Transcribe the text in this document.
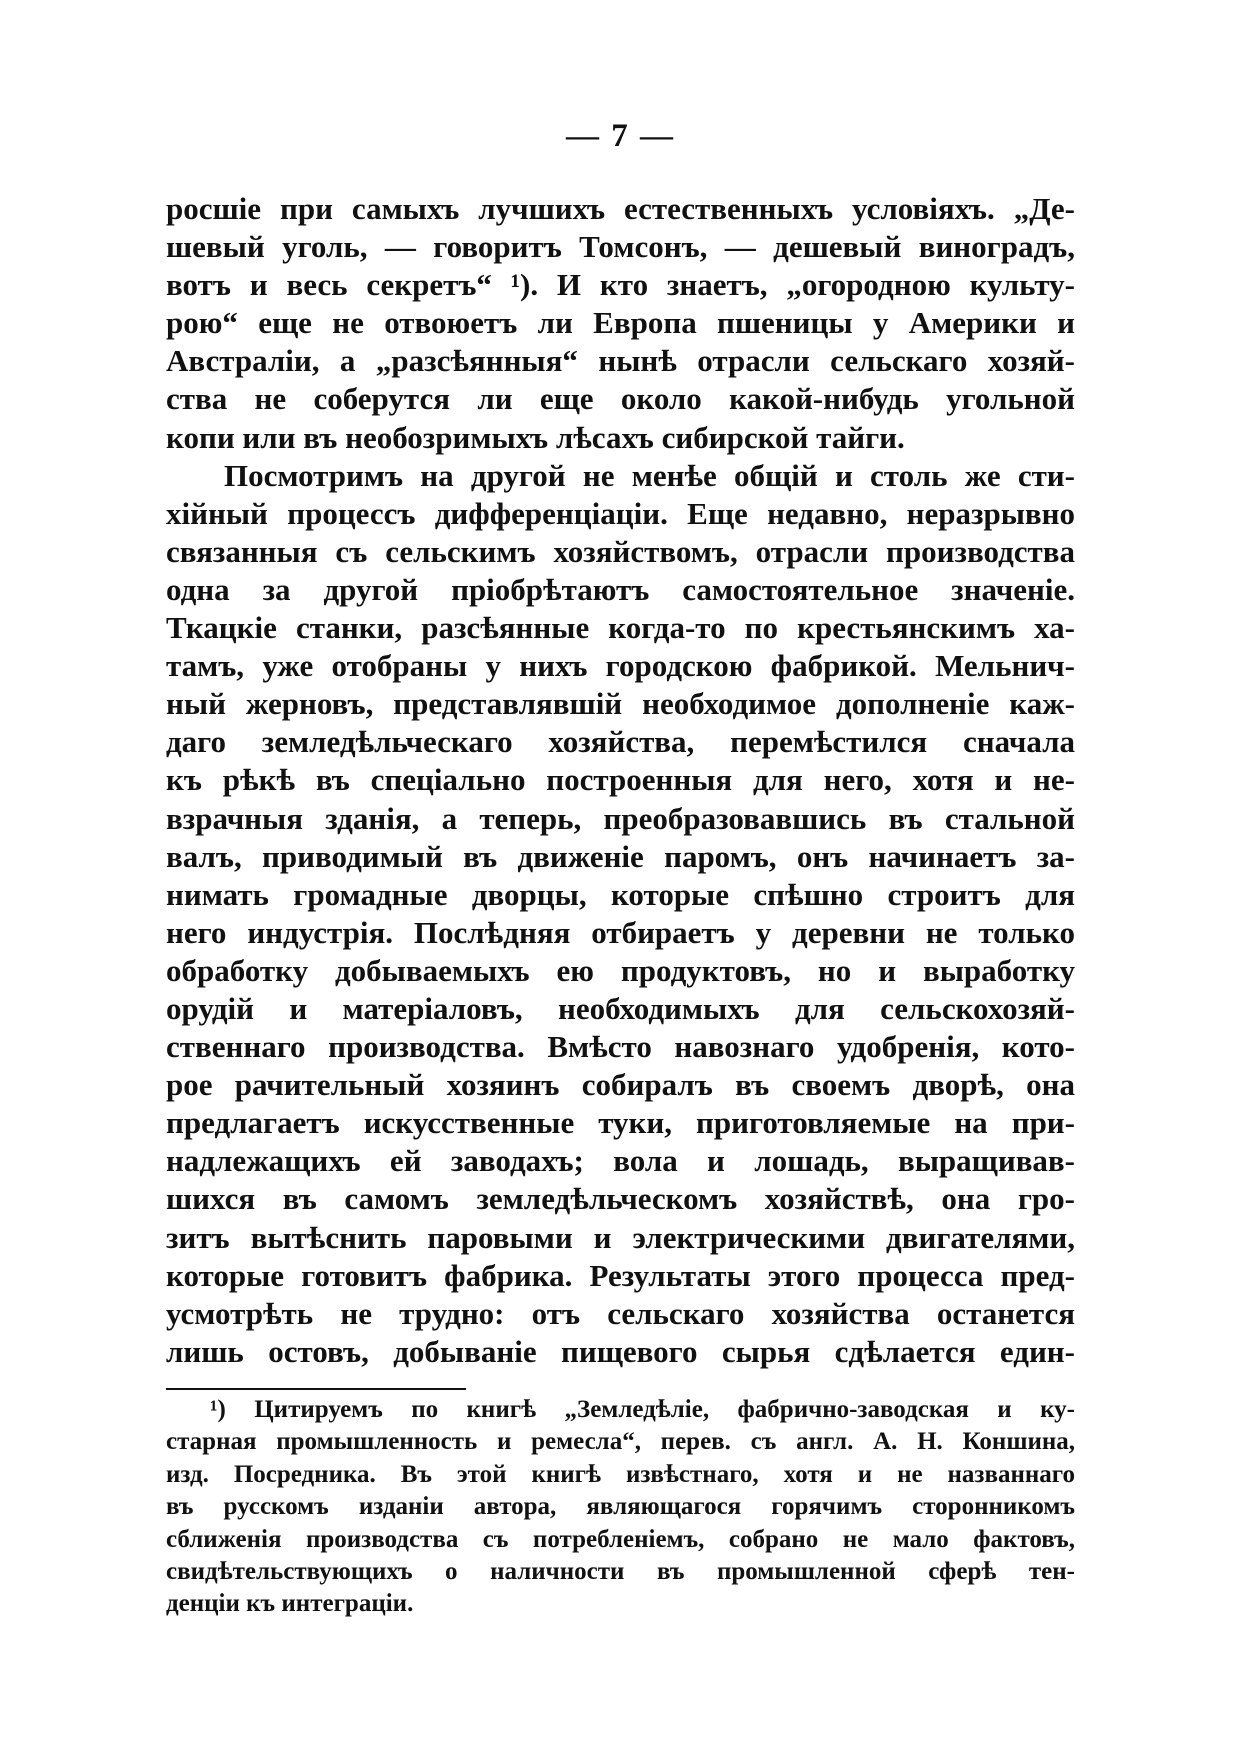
— 7 —
росшіе при самыхъ лучшихъ естественныхъ условіяхъ. „Де-
шевый уголь, — говоритъ Томсонъ, — дешевый виноградъ,
вотъ и весь секретъ“ ¹). И кто знаетъ, „огородною культу-
рою“ еще не отвоюетъ ли Европа пшеницы у Америки и
Австраліи, а „разсѣянныя“ нынѣ отрасли сельскаго хозяй-
ства не соберутся ли еще около какой-нибудь угольной
копи или въ необозримыхъ лѣсахъ сибирской тайги.
Посмотримъ на другой не менѣе общій и столь же сти-
хійный процессъ дифференціаціи. Еще недавно, неразрывно
связанныя съ сельскимъ хозяйствомъ, отрасли производства
одна за другой пріобрѣтаютъ самостоятельное значеніе.
Ткацкіе станки, разсѣянные когда-то по крестьянскимъ ха-
тамъ, уже отобраны у нихъ городскою фабрикой. Мельнич-
ный жерновъ, представлявшій необходимое дополненіе каж-
даго земледѣльческаго хозяйства, перемѣстился сначала
къ рѣкѣ въ спеціально построенныя для него, хотя и не-
взрачныя зданія, а теперь, преобразовавшись въ стальной
валъ, приводимый въ движеніе паромъ, онъ начинаетъ за-
нимать громадные дворцы, которые спѣшно строитъ для
него индустрія. Послѣдняя отбираетъ у деревни не только
обработку добываемыхъ ею продуктовъ, но и выработку
орудій и матеріаловъ, необходимыхъ для сельскохозяй-
ственнаго производства. Вмѣсто навознаго удобренія, кото-
рое рачительный хозяинъ собиралъ въ своемъ дворѣ, она
предлагаетъ искусственные туки, приготовляемые на при-
надлежащихъ ей заводахъ; вола и лошадь, выращивав-
шихся въ самомъ земледѣльческомъ хозяйствѣ, она гро-
зитъ вытѣснить паровыми и электрическими двигателями,
которые готовитъ фабрика. Результаты этого процесса пред-
усмотрѣть не трудно: отъ сельскаго хозяйства останется
лишь остовъ, добываніе пищевого сырья сдѣлается един-
¹) Цитируемъ по книгѣ „Земледѣліе, фабрично-заводская и ку-
старная промышленность и ремесла“, перев. съ англ. А. Н. Коншина,
изд. Посредника. Въ этой книгѣ извѣстнаго, хотя и не названнаго
въ русскомъ изданіи автора, являющагося горячимъ сторонникомъ
сближенія производства съ потребленіемъ, собрано не мало фактовъ,
свидѣтельствующихъ о наличности въ промышленной сферѣ тен-
денціи къ интеграціи.
